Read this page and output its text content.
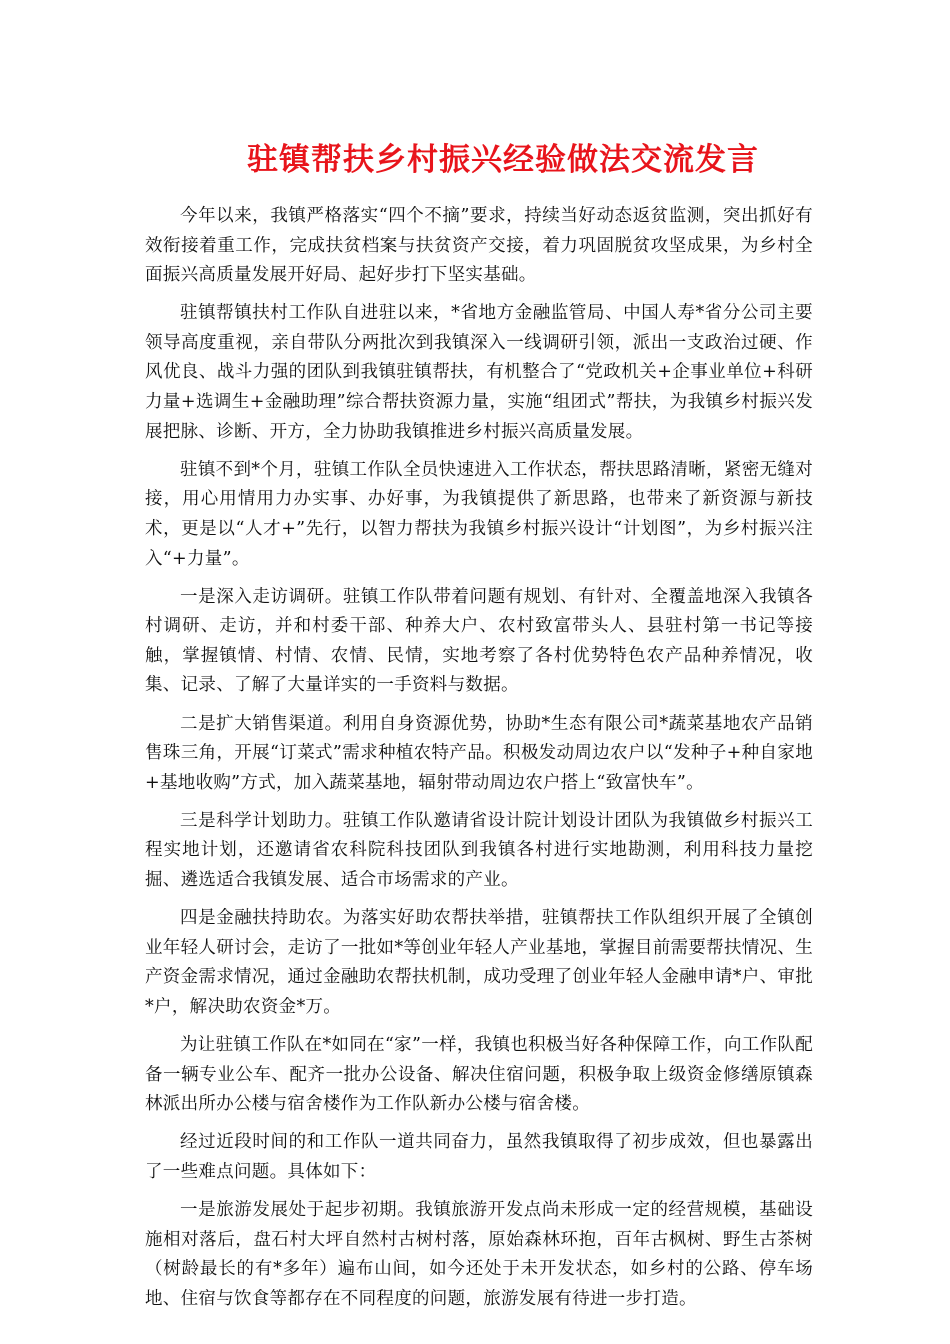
驻镇帮扶乡村振兴经验做法交流发言

今年以来，我镇严格落实“四个不摘”要求，持续当好动态返贫监测，突出抓好有效衔接着重工作，完成扶贫档案与扶贫资产交接，着力巩固脱贫攻坚成果，为乡村全面振兴高质量发展开好局、起好步打下坚实基础。

驻镇帮镇扶村工作队自进驻以来，*省地方金融监管局、中国人寿*省分公司主要领导高度重视，亲自带队分两批次到我镇深入一线调研引领，派出一支政治过硬、作风优良、战斗力强的团队到我镇驻镇帮扶，有机整合了“党政机关+企事业单位+科研力量+选调生+金融助理”综合帮扶资源力量，实施“组团式”帮扶，为我镇乡村振兴发展把脉、诊断、开方，全力协助我镇推进乡村振兴高质量发展。

驻镇不到*个月，驻镇工作队全员快速进入工作状态，帮扶思路清晰，紧密无缝对接，用心用情用力办实事、办好事，为我镇提供了新思路，也带来了新资源与新技术，更是以“人才+”先行，以智力帮扶为我镇乡村振兴设计“计划图”，为乡村振兴注入“+力量”。

一是深入走访调研。驻镇工作队带着问题有规划、有针对、全覆盖地深入我镇各村调研、走访，并和村委干部、种养大户、农村致富带头人、县驻村第一书记等接触，掌握镇情、村情、农情、民情，实地考察了各村优势特色农产品种养情况，收集、记录、了解了大量详实的一手资料与数据。

二是扩大销售渠道。利用自身资源优势，协助*生态有限公司*蔬菜基地农产品销售珠三角，开展“订菜式”需求种植农特产品。积极发动周边农户以“发种子+种自家地+基地收购”方式，加入蔬菜基地，辐射带动周边农户搭上“致富快车”。

三是科学计划助力。驻镇工作队邀请省设计院计划设计团队为我镇做乡村振兴工程实地计划，还邀请省农科院科技团队到我镇各村进行实地勘测，利用科技力量挖掘、遴选适合我镇发展、适合市场需求的产业。

四是金融扶持助农。为落实好助农帮扶举措，驻镇帮扶工作队组织开展了全镇创业年轻人研讨会，走访了一批如*等创业年轻人产业基地，掌握目前需要帮扶情况、生产资金需求情况，通过金融助农帮扶机制，成功受理了创业年轻人金融申请*户、审批*户，解决助农资金*万。

为让驻镇工作队在*如同在“家”一样，我镇也积极当好各种保障工作，向工作队配备一辆专业公车、配齐一批办公设备、解决住宿问题，积极争取上级资金修缮原镇森林派出所办公楼与宿舍楼作为工作队新办公楼与宿舍楼。

经过近段时间的和工作队一道共同奋力，虽然我镇取得了初步成效，但也暴露出了一些难点问题。具体如下：

一是旅游发展处于起步初期。我镇旅游开发点尚未形成一定的经营规模，基础设施相对落后，盘石村大坪自然村古树村落，原始森林环抱，百年古枫树、野生古茶树（树龄最长的有*多年）遍布山间，如今还处于未开发状态，如乡村的公路、停车场地、住宿与饮食等都存在不同程度的问题，旅游发展有待进一步打造。
